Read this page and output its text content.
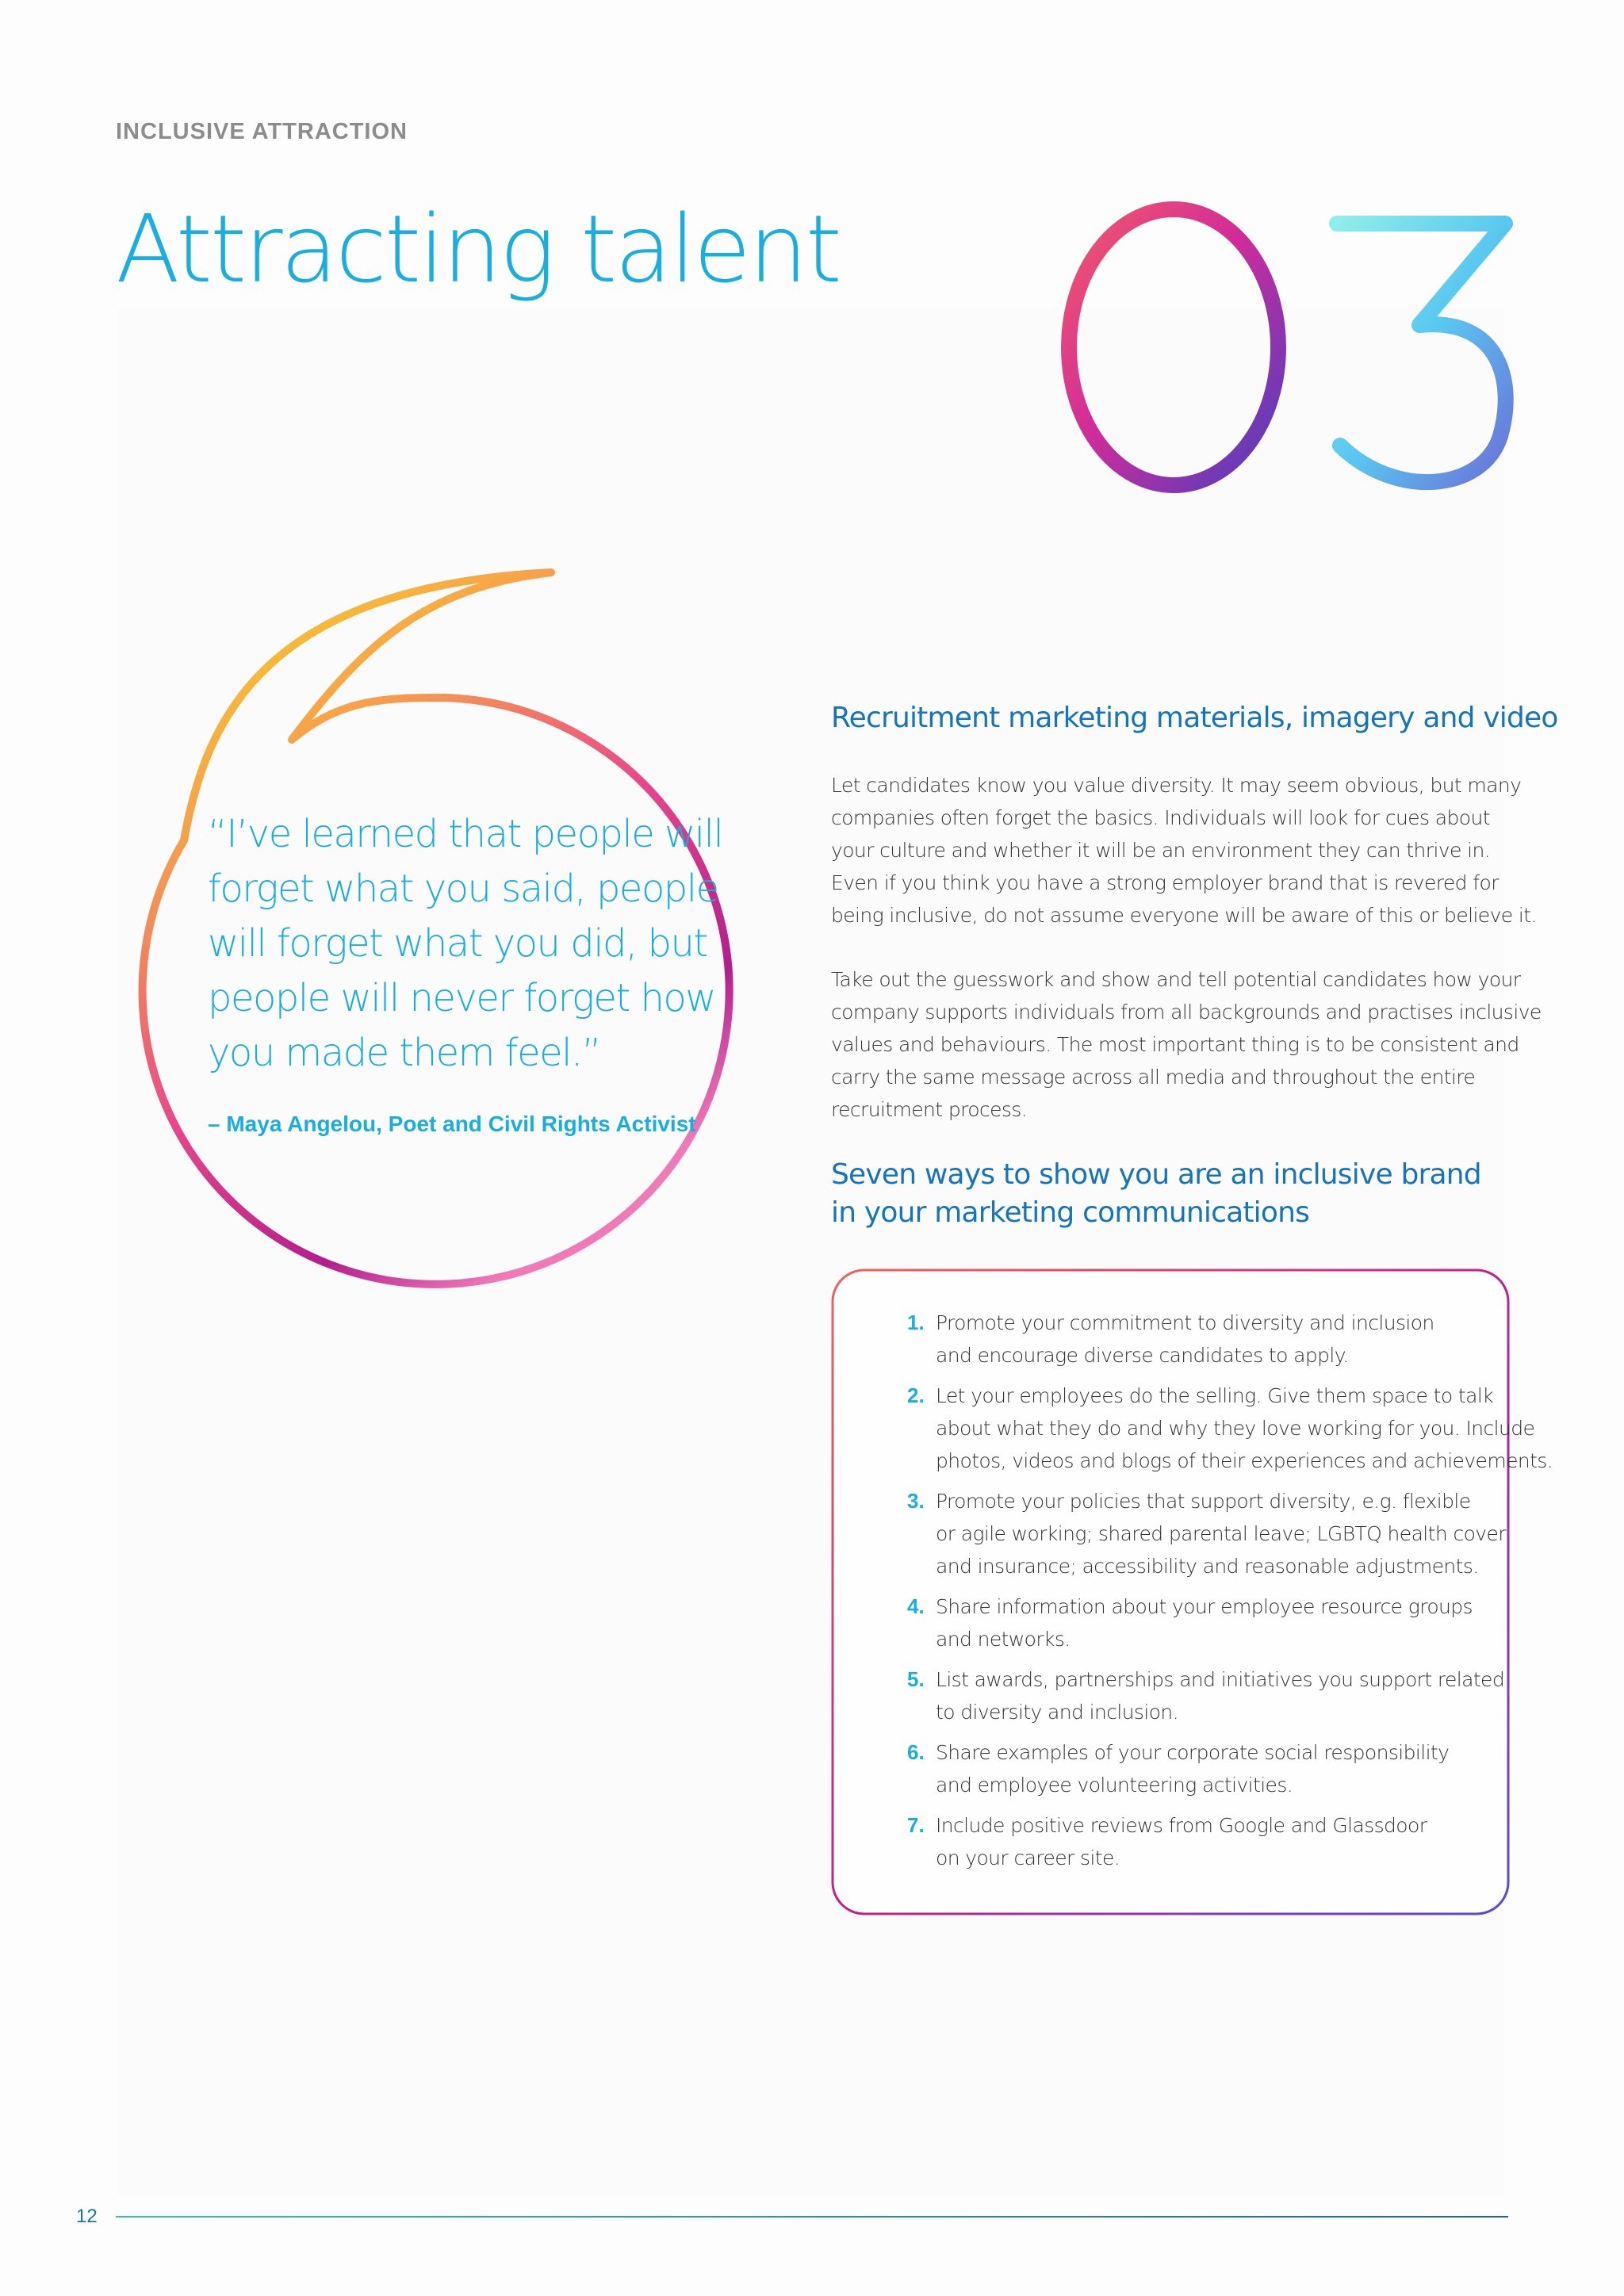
INCLUSIVE ATTRACTION
Attracting talent	03

“I’ve learned that people will
forget what you said, people
will forget what you did, but
people will never forget how
you made them feel.”

– Maya Angelou, Poet and Civil Rights Activist
Recruitment marketing materials, imagery and video

Let candidates know you value diversity. It may seem obvious, but many
companies often forget the basics. Individuals will look for cues about
your culture and whether it will be an environment they can thrive in.
Even if you think you have a strong employer brand that is revered for
being inclusive, do not assume everyone will be aware of this or believe it.

Take out the guesswork and show and tell potential candidates how your
company supports individuals from all backgrounds and practises inclusive
values and behaviours. The most important thing is to be consistent and
carry the same message across all media and throughout the entire
recruitment process.

Seven ways to show you are an inclusive brand
in your marketing communications
1. Promote your commitment to diversity and inclusion
and encourage diverse candidates to apply.
2. Let your employees do the selling. Give them space to talk
about what they do and why they love working for you. Include
photos, videos and blogs of their experiences and achievements.
3. Promote your policies that support diversity, e.g. flexible
or agile working; shared parental leave; LGBTQ health cover
and insurance; accessibility and reasonable adjustments.
4. Share information about your employee resource groups
and networks.
5. List awards, partnerships and initiatives you support related
to diversity and inclusion.
6. Share examples of your corporate social responsibility
and employee volunteering activities.
7. Include positive reviews from Google and Glassdoor
on your career site.
12
